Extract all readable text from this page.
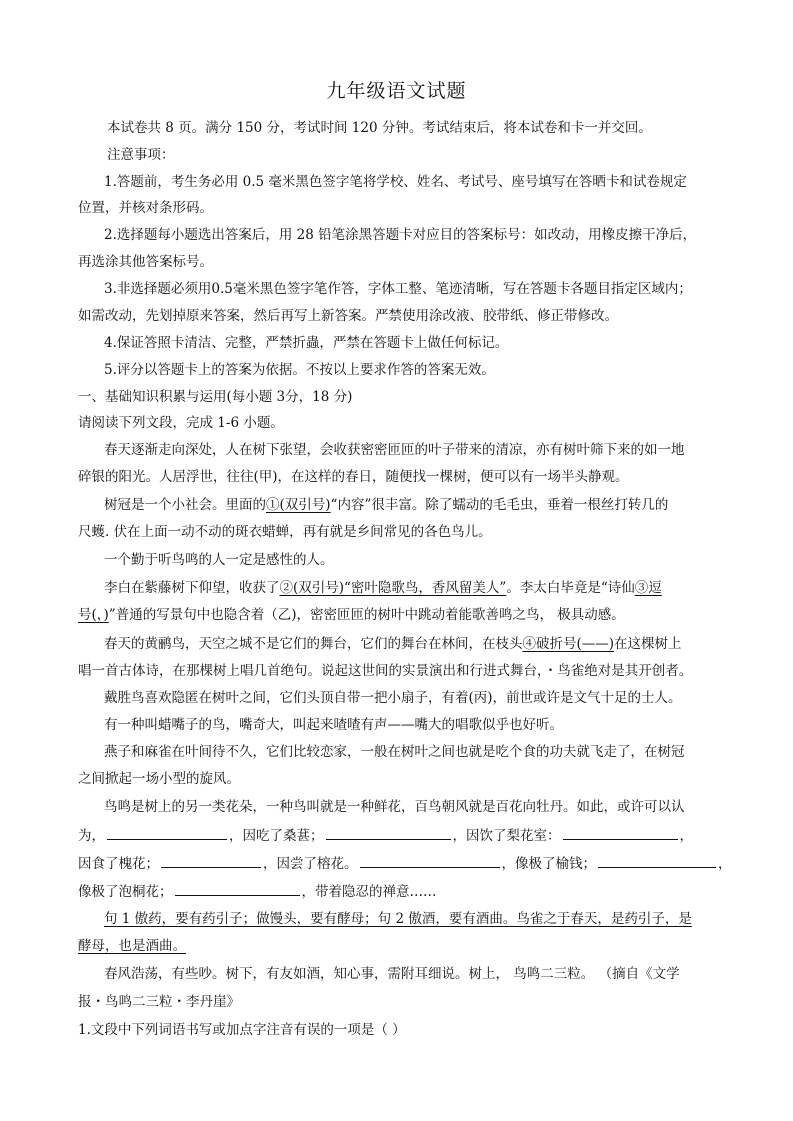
九年级语文试题
本试卷共 8 页。满分 150 分，考试时间 120 分钟。考试结束后，将本试卷和卡一并交回。
注意事项：
1.答题前，考生务必用 0.5 毫米黑色签字笔将学校、姓名、考试号、座号填写在答晒卡和试卷规定
位置，并核对条形码。
2.选择题每小题选出答案后，用 28 铅笔涂黑答题卡对应目的答案标号：如改动，用橡皮擦干净后，
再选涂其他答案标号。
3.非选择题必须用0.5毫米黑色签字笔作答，字体工整、笔迹清晰，写在答题卡各题目指定区域内；
如需改动，先划掉原来答案，然后再写上新答案。严禁使用涂改液、胶带纸、修正带修改。
4.保证答照卡清洁、完整，严禁折蟲，严禁在答题卡上做任何标记。
5.评分以答题卡上的答案为依据。不按以上要求作答的答案无效。
一、基础知识积累与运用(每小题 3分，18 分)
请阅读下列文段，完成 1-6 小题。
春天逐渐走向深处，人在树下张望，会收获密密匝匝的叶子带来的清凉，亦有树叶筛下来的如一地
碎银的阳光。人居浮世，往往(甲)，在这样的春日，随便找一棵树，便可以有一场半头静观。
树冠是一个小社会。里面的①(双引号)“内容”很丰富。除了蠕动的毛毛虫，垂着一根丝打转几的
尺蠖. 伏在上面一动不动的斑衣蜡蝉，再有就是乡间常见的各色鸟儿。
一个勤于听鸟鸣的人一定是感性的人。
李白在紫藤树下仰望，收获了②(双引号)“密叶隐歌鸟，香风留美人”。李太白毕竟是“诗仙③逗
号(，)”普通的写景句中也隐含着（乙)，密密匝匝的树叶中跳动着能歌善鸣之鸟， 极具动感。
春天的黄鹂鸟，天空之城不是它们的舞台，它们的舞台在林间，在枝头④破折号(——)在这棵树上
唱一首古体诗，在那棵树上唱几首绝句。说起这世间的实景演出和行进式舞台，・鸟雀绝对是其开创者。
戴胜鸟喜欢隐匿在树叶之间，它们头顶自带一把小扇子，有着(丙)，前世或许是文气十足的士人。
有一种叫蜡嘴子的鸟，嘴奇大，叫起来喳喳有声——嘴大的唱歌似乎也好听。
燕子和麻雀在叶间待不久，它们比较恋家，一般在树叶之间也就是吃个食的功夫就飞走了，在树冠
之间掀起一场小型的旋风。
鸟鸣是树上的另一类花朵，一种鸟叫就是一种鲜花，百鸟朝风就是百花向牡丹。如此，或许可以认
为，	，因吃了桑葚；	，因饮了梨花室：	，
因食了槐花；	，因尝了榕花。	，像极了榆钱；	，
像极了泡桐花；	，带着隐忍的禅意……
句 1 傲药，要有药引子；做馒头，要有酵母；句 2 傲酒，要有酒曲。鸟雀之于春天，是药引子，是
酵母，也是酒曲。
春风浩荡，有些吵。树下，有友如酒，知心事，需附耳细说。树上， 鸟鸣二三粒。 （摘自《文学
报・鸟鸣二三粒・李丹崖》
1.文段中下列词语书写或加点字注音有误的一项是（ ）
